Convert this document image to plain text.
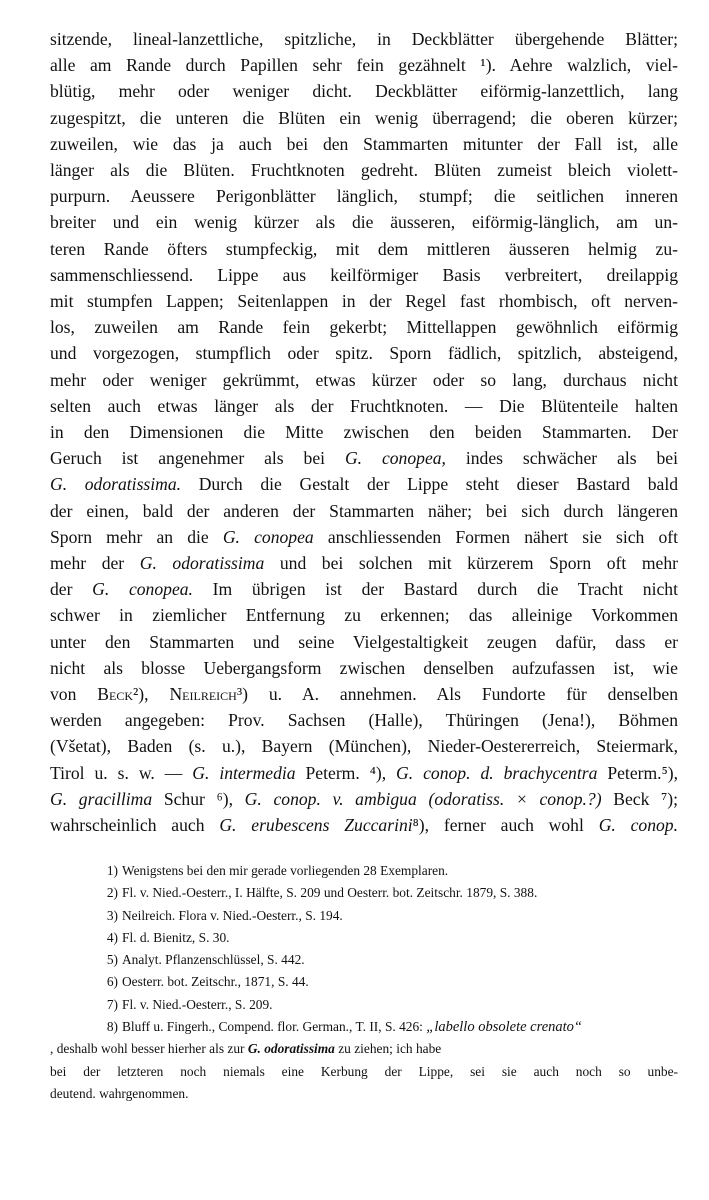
sitzende, lineal-lanzettliche, spitzliche, in Deckblätter übergehende Blätter;
alle am Rande durch Papillen sehr fein gezähnelt ¹). Aehre walzlich, viel-
blütig, mehr oder weniger dicht. Deckblätter eiförmig-lanzettlich, lang
zugespitzt, die unteren die Blüten ein wenig überragend; die oberen kürzer;
zuweilen, wie das ja auch bei den Stammarten mitunter der Fall ist, alle
länger als die Blüten. Fruchtknoten gedreht. Blüten zumeist bleich violett-
purpurn. Aeussere Perigonblätter länglich, stumpf; die seitlichen inneren
breiter und ein wenig kürzer als die äusseren, eiförmig-länglich, am un-
teren Rande öfters stumpfeckig, mit dem mittleren äusseren helmig zu-
sammenschliessend. Lippe aus keilförmiger Basis verbreitert, dreilappig
mit stumpfen Lappen; Seitenlappen in der Regel fast rhombisch, oft nerven-
los, zuweilen am Rande fein gekerbt; Mittellappen gewöhnlich eiförmig
und vorgezogen, stumpflich oder spitz. Sporn fädlich, spitzlich, absteigend,
mehr oder weniger gekrümmt, etwas kürzer oder so lang, durchaus nicht
selten auch etwas länger als der Fruchtknoten. — Die Blütenteile halten
in den Dimensionen die Mitte zwischen den beiden Stammarten. Der
Geruch ist angenehmer als bei G. conopea, indes schwächer als bei
G. odoratissima. Durch die Gestalt der Lippe steht dieser Bastard bald
der einen, bald der anderen der Stammarten näher; bei sich durch längeren
Sporn mehr an die G. conopea anschliessenden Formen nähert sie sich oft
mehr der G. odoratissima und bei solchen mit kürzerem Sporn oft mehr
der G. conopea. Im übrigen ist der Bastard durch die Tracht nicht
schwer in ziemlicher Entfernung zu erkennen; das alleinige Vorkommen
unter den Stammarten und seine Vielgestaltigkeit zeugen dafür, dass er
nicht als blosse Uebergangsform zwischen denselben aufzufassen ist, wie
von Beck²), Neilreich³) u. A. annehmen. Als Fundorte für denselben
werden angegeben: Prov. Sachsen (Halle), Thüringen (Jena!), Böhmen
(Všetat), Baden (s. u.), Bayern (München), Nieder-Oestererreich, Steiermark,
Tirol u. s. w. — G. intermedia Peterm. ⁴), G. conop. d. brachycentra Peterm.⁵),
G. gracillima Schur ⁶), G. conop. v. ambigua (odoratiss. × conop.?) Beck ⁷);
wahrscheinlich auch G. erubescens Zuccarini⁸), ferner auch wohl G. conop.
1) Wenigstens bei den mir gerade vorliegenden 28 Exemplaren.
2) Fl. v. Nied.-Oesterr., I. Hälfte, S. 209 und Oesterr. bot. Zeitschr. 1879, S. 388.
3) Neilreich. Flora v. Nied.-Oesterr., S. 194.
4) Fl. d. Bienitz, S. 30.
5) Analyt. Pflanzenschlüssel, S. 442.
6) Oesterr. bot. Zeitschr., 1871, S. 44.
7) Fl. v. Nied.-Oesterr., S. 209.
8) Bluff u. Fingerh., Compend. flor. German., T. II, S. 426: „labello obsolete crenato“
, deshalb wohl besser hierher als zur G. odoratissima zu ziehen; ich habe
bei der letzteren noch niemals eine Kerbung der Lippe, sei sie auch noch so unbe-
deutend. wahrgenommen.
